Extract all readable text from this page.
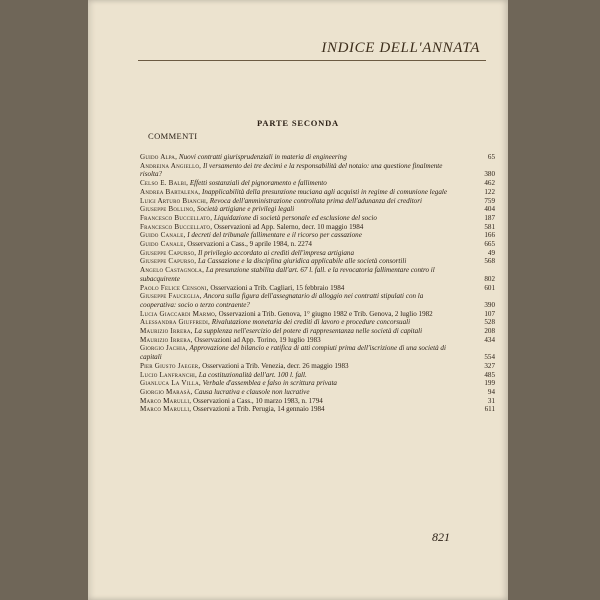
INDICE DELL'ANNATA
PARTE SECONDA
COMMENTI
Guido Alpa, Nuovi contratti giurisprudenziali in materia di engineering	65
Andreina Angiello, Il versamento dei tre decimi e la responsabilità del notaio: una questione finalmente risolta?	380
Celso E. Balbi, Effetti sostanziali del pignoramento e fallimento	462
Andrea Bartalena, Inapplicabilità della presunzione muciana agli acquisti in regime di comunione legale	122
Luigi Arturo Bianchi, Revoca dell'amministrazione controllata prima dell'adunanza dei creditori	759
Giuseppe Bollino, Società artigiane e privilegi legali	404
Francesco Buccellato, Liquidazione di società personale ed esclusione del socio	187
Francesco Buccellato, Osservazioni ad App. Salerno, decr. 10 maggio 1984	581
Guido Canale, I decreti del tribunale fallimentare e il ricorso per cassazione	166
Guido Canale, Osservazioni a Cass., 9 aprile 1984, n. 2274	665
Giuseppe Capurso, Il privilegio accordato ai crediti dell'impresa artigiana	49
Giuseppe Capurso, La Cassazione e la disciplina giuridica applicabile alle società consortili	568
Angelo Castagnola, La presunzione stabilita dall'art. 67 l. fall. e la revocatoria fallimentare contro il subacquirente	802
Paolo Felice Censoni, Osservazioni a Trib. Cagliari, 15 febbraio 1984	601
Giuseppe Fauceglia, Ancora sulla figura dell'assegnatario di alloggio nei contratti stipulati con la cooperativa: socio o terzo contraente?	390
Lucia Giaccardi Marmo, Osservazioni a Trib. Genova, 1° giugno 1982 e Trib. Genova, 2 luglio 1982	107
Alessandra Giuffredi, Rivalutazione monetaria dei crediti di lavoro e procedure concorsuali	528
Maurizio Irrera, La supplenza nell'esercizio del potere di rappresentanza nelle società di capitali	208
Maurizio Irrera, Osservazioni ad App. Torino, 19 luglio 1983	434
Giorgio Jachia, Approvazione del bilancio e ratifica di atti compiuti prima dell'iscrizione di una società di capitali	554
Pier Giusto Jaeger, Osservazioni a Trib. Venezia, decr. 26 maggio 1983	327
Lucio Lanfranchi, La costituzionalità dell'art. 100 l. fall.	485
Gianluca La Villa, Verbale d'assemblea e falso in scrittura privata	199
Giorgio Marasà, Causa lucrativa e clausole non lucrative	94
Marco Marulli, Osservazioni a Cass., 10 marzo 1983, n. 1794	31
Marco Marulli, Osservazioni a Trib. Perugia, 14 gennaio 1984	611
821
